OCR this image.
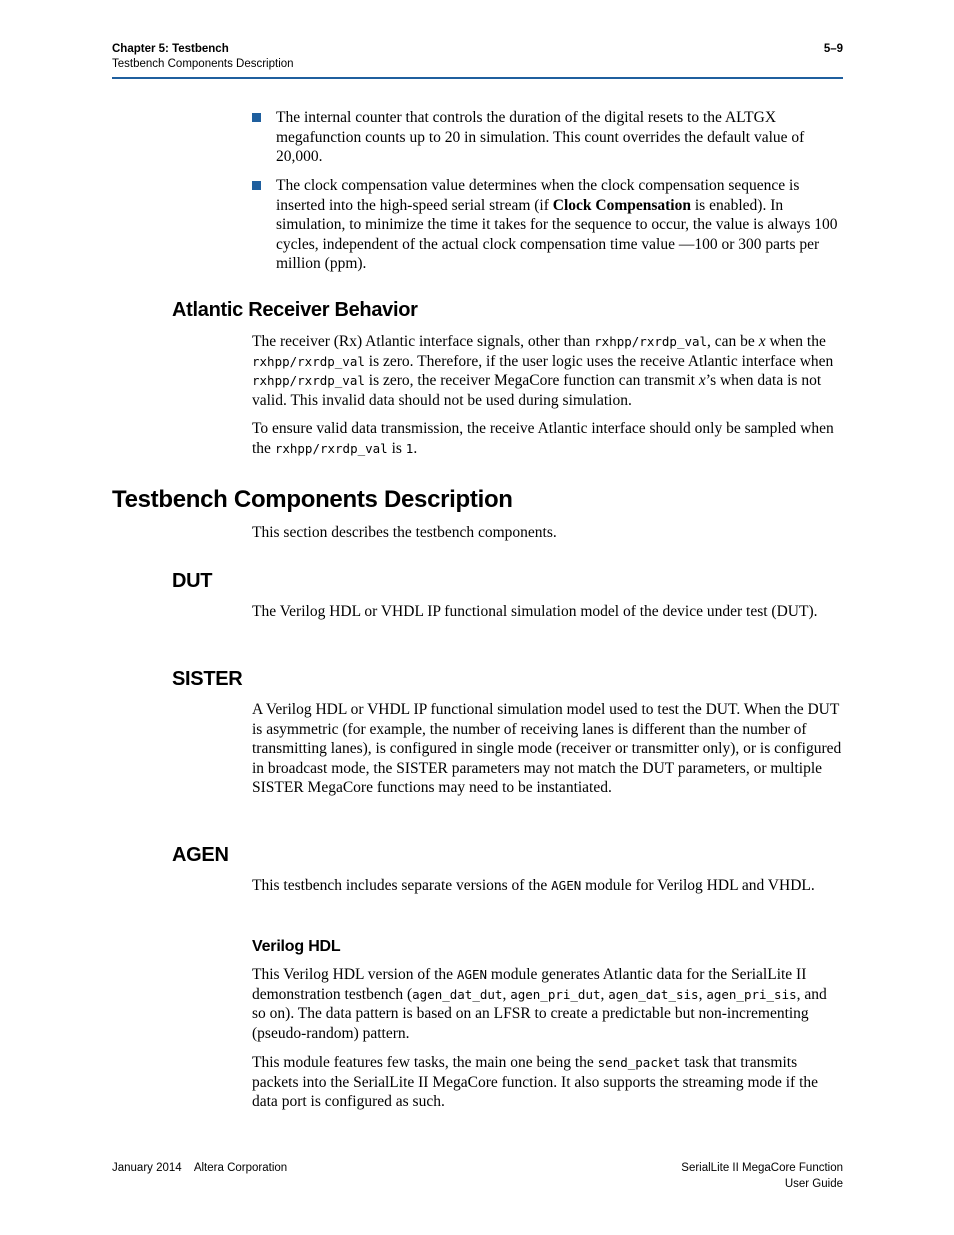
Chapter 5: Testbench
Testbench Components Description
5–9
The internal counter that controls the duration of the digital resets to the ALTGX megafunction counts up to 20 in simulation. This count overrides the default value of 20,000.
The clock compensation value determines when the clock compensation sequence is inserted into the high-speed serial stream (if Clock Compensation is enabled). In simulation, to minimize the time it takes for the sequence to occur, the value is always 100 cycles, independent of the actual clock compensation time value —100 or 300 parts per million (ppm).
Atlantic Receiver Behavior

The receiver (Rx) Atlantic interface signals, other than rxhpp/rxrdp_val, can be x when the rxhpp/rxrdp_val is zero. Therefore, if the user logic uses the receive Atlantic interface when rxhpp/rxrdp_val is zero, the receiver MegaCore function can transmit x’s when data is not valid. This invalid data should not be used during simulation.

To ensure valid data transmission, the receive Atlantic interface should only be sampled when the rxhpp/rxrdp_val is 1.

Testbench Components Description
This section describes the testbench components.
DUT
The Verilog HDL or VHDL IP functional simulation model of the device under test (DUT).
SISTER
A Verilog HDL or VHDL IP functional simulation model used to test the DUT. When the DUT is asymmetric (for example, the number of receiving lanes is different than the number of transmitting lanes), is configured in single mode (receiver or transmitter only), or is configured in broadcast mode, the SISTER parameters may not match the DUT parameters, or multiple SISTER MegaCore functions may need to be instantiated.
AGEN

This testbench includes separate versions of the AGEN module for Verilog HDL and VHDL.

Verilog HDL

This Verilog HDL version of the AGEN module generates Atlantic data for the SerialLite II demonstration testbench (agen_dat_dut, agen_pri_dut, agen_dat_sis, agen_pri_sis, and so on). The data pattern is based on an LFSR to create a predictable but non-incrementing (pseudo-random) pattern.

This module features few tasks, the main one being the send_packet task that transmits packets into the SerialLite II MegaCore function. It also supports the streaming mode if the data port is configured as such.

January 2014    Altera Corporation	SerialLite II MegaCore Function
User Guide
